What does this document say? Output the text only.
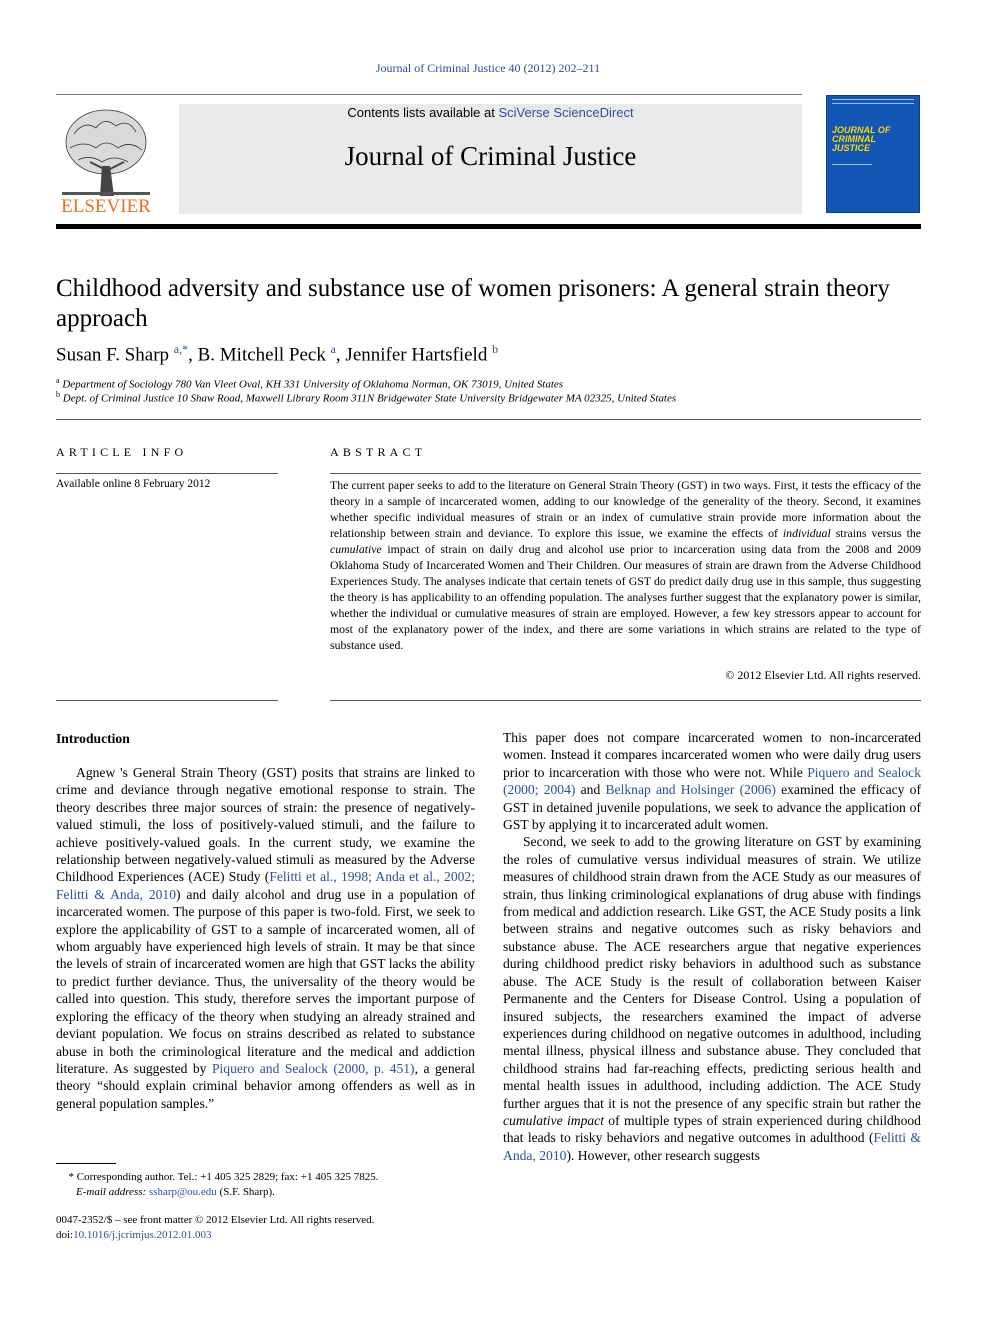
Journal of Criminal Justice 40 (2012) 202–211
ELSEVIER
Contents lists available at SciVerse ScienceDirect
Journal of Criminal Justice
JOURNAL OF CRIMINAL JUSTICE
Childhood adversity and substance use of women prisoners: A general strain theory approach
Susan F. Sharp $^{a,*}$, B. Mitchell Peck $^a$, Jennifer Hartsfield $^b$
$^a$ Department of Sociology 780 Van Vleet Oval, KH 331 University of Oklahoma Norman, OK 73019, United States
$^b$ Dept. of Criminal Justice 10 Shaw Road, Maxwell Library Room 311N Bridgewater State University Bridgewater MA 02325, United States
ARTICLE INFO
Available online 8 February 2012
ABSTRACT
The current paper seeks to add to the literature on General Strain Theory (GST) in two ways. First, it tests the efficacy of the theory in a sample of incarcerated women, adding to our knowledge of the generality of the theory. Second, it examines whether specific individual measures of strain or an index of cumulative strain provide more information about the relationship between strain and deviance. To explore this issue, we examine the effects of individual strains versus the cumulative impact of strain on daily drug and alcohol use prior to incarceration using data from the 2008 and 2009 Oklahoma Study of Incarcerated Women and Their Children. Our measures of strain are drawn from the Adverse Childhood Experiences Study. The analyses indicate that certain tenets of GST do predict daily drug use in this sample, thus suggesting the theory is has applicability to an offending population. The analyses further suggest that the explanatory power is similar, whether the individual or cumulative measures of strain are employed. However, a few key stressors appear to account for most of the explanatory power of the index, and there are some variations in which strains are related to the type of substance used.
© 2012 Elsevier Ltd. All rights reserved.
Introduction

Agnew 's General Strain Theory (GST) posits that strains are linked to crime and deviance through negative emotional response to strain. The theory describes three major sources of strain: the presence of negatively-valued stimuli, the loss of positively-valued stimuli, and the failure to achieve positively-valued goals. In the current study, we examine the relationship between negatively-valued stimuli as measured by the Adverse Childhood Experiences (ACE) Study (Felitti et al., 1998; Anda et al., 2002; Felitti & Anda, 2010) and daily alcohol and drug use in a population of incarcerated women. The purpose of this paper is two-fold. First, we seek to explore the applicability of GST to a sample of incarcerated women, all of whom arguably have experienced high levels of strain. It may be that since the levels of strain of incarcerated women are high that GST lacks the ability to predict further deviance. Thus, the universality of the theory would be called into question. This study, therefore serves the important purpose of exploring the efficacy of the theory when studying an already strained and deviant population. We focus on strains described as related to substance abuse in both the criminological literature and the medical and addiction literature. As suggested by Piquero and Sealock (2000, p. 451), a general theory “should explain criminal behavior among offenders as well as in general population samples.”

This paper does not compare incarcerated women to non-incarcerated women. Instead it compares incarcerated women who were daily drug users prior to incarceration with those who were not. While Piquero and Sealock (2000; 2004) and Belknap and Holsinger (2006) examined the efficacy of GST in detained juvenile populations, we seek to advance the application of GST by applying it to incarcerated adult women.

Second, we seek to add to the growing literature on GST by examining the roles of cumulative versus individual measures of strain. We utilize measures of childhood strain drawn from the ACE Study as our measures of strain, thus linking criminological explanations of drug abuse with findings from medical and addiction research. Like GST, the ACE Study posits a link between strains and negative outcomes such as risky behaviors and substance abuse. The ACE researchers argue that negative experiences during childhood predict risky behaviors in adulthood such as substance abuse. The ACE Study is the result of collaboration between Kaiser Permanente and the Centers for Disease Control. Using a population of insured subjects, the researchers examined the impact of adverse experiences during childhood on negative outcomes in adulthood, including mental illness, physical illness and substance abuse. They concluded that childhood strains had far-reaching effects, predicting serious health and mental health issues in adulthood, including addiction. The ACE Study further argues that it is not the presence of any specific strain but rather the cumulative impact of multiple types of strain experienced during childhood that leads to risky behaviors and negative outcomes in adulthood (Felitti & Anda, 2010). However, other research suggests

* Corresponding author. Tel.: +1 405 325 2829; fax: +1 405 325 7825.
E-mail address: ssharp@ou.edu (S.F. Sharp).
0047-2352/$ – see front matter © 2012 Elsevier Ltd. All rights reserved.
doi:10.1016/j.jcrimjus.2012.01.003
